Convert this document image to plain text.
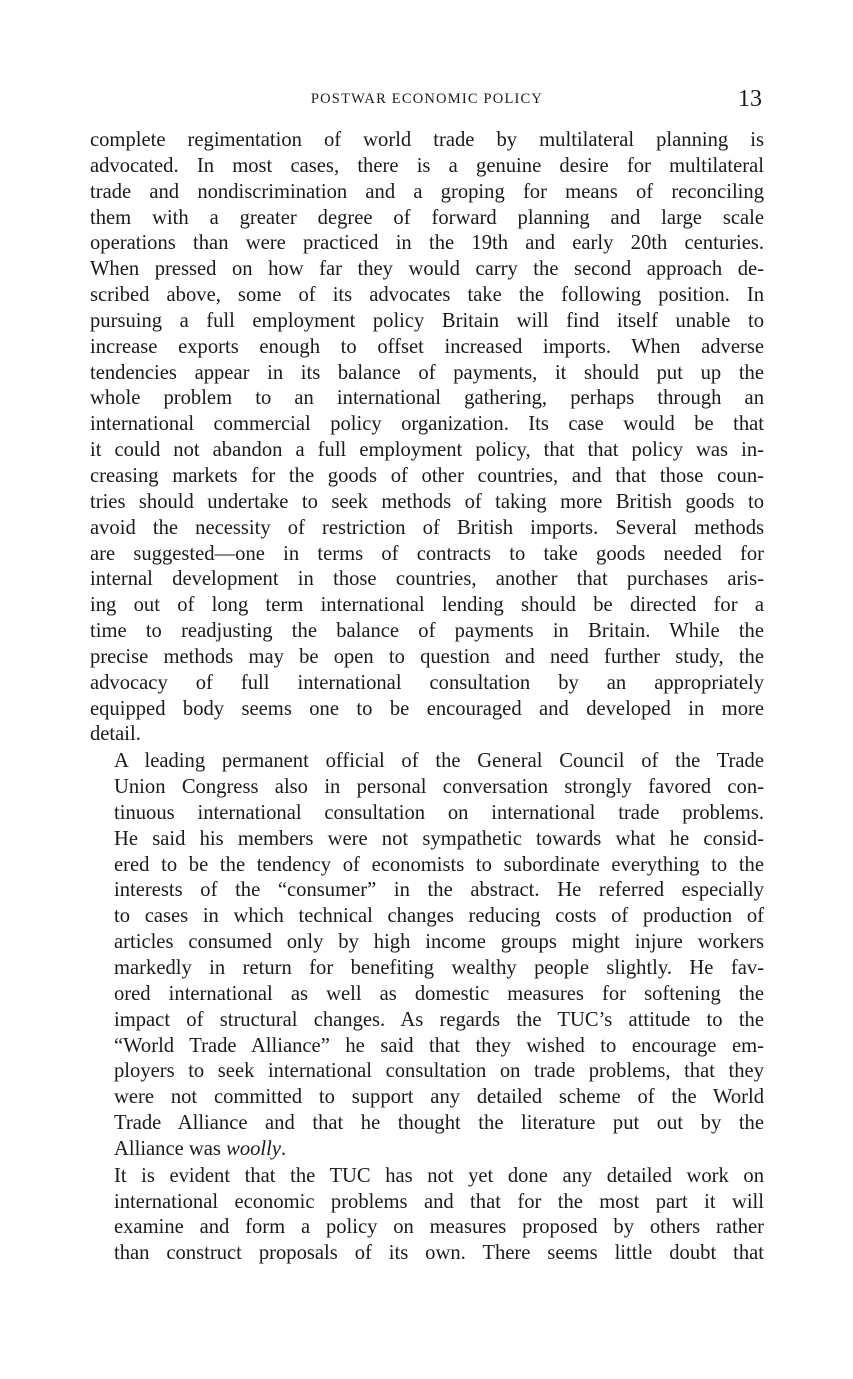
POSTWAR ECONOMIC POLICY	13

complete regimentation of world trade by multilateral planning is
advocated. In most cases, there is a genuine desire for multilateral
trade and nondiscrimination and a groping for means of reconciling
them with a greater degree of forward planning and large scale
operations than were practiced in the 19th and early 20th centuries.
When pressed on how far they would carry the second approach de-
scribed above, some of its advocates take the following position. In
pursuing a full employment policy Britain will find itself unable to
increase exports enough to offset increased imports. When adverse
tendencies appear in its balance of payments, it should put up the
whole problem to an international gathering, perhaps through an
international commercial policy organization. Its case would be that
it could not abandon a full employment policy, that that policy was in-
creasing markets for the goods of other countries, and that those coun-
tries should undertake to seek methods of taking more British goods to
avoid the necessity of restriction of British imports. Several methods
are suggested—one in terms of contracts to take goods needed for
internal development in those countries, another that purchases aris-
ing out of long term international lending should be directed for a
time to readjusting the balance of payments in Britain. While the
precise methods may be open to question and need further study, the
advocacy of full international consultation by an appropriately
equipped body seems one to be encouraged and developed in more
detail.

A leading permanent official of the General Council of the Trade
Union Congress also in personal conversation strongly favored con-
tinuous international consultation on international trade problems.
He said his members were not sympathetic towards what he consid-
ered to be the tendency of economists to subordinate everything to the
interests of the “consumer” in the abstract. He referred especially
to cases in which technical changes reducing costs of production of
articles consumed only by high income groups might injure workers
markedly in return for benefiting wealthy people slightly. He fav-
ored international as well as domestic measures for softening the
impact of structural changes. As regards the TUC’s attitude to the
“World Trade Alliance” he said that they wished to encourage em-
ployers to seek international consultation on trade problems, that they
were not committed to support any detailed scheme of the World
Trade Alliance and that he thought the literature put out by the
Alliance was woolly.

It is evident that the TUC has not yet done any detailed work on
international economic problems and that for the most part it will
examine and form a policy on measures proposed by others rather
than construct proposals of its own. There seems little doubt that
